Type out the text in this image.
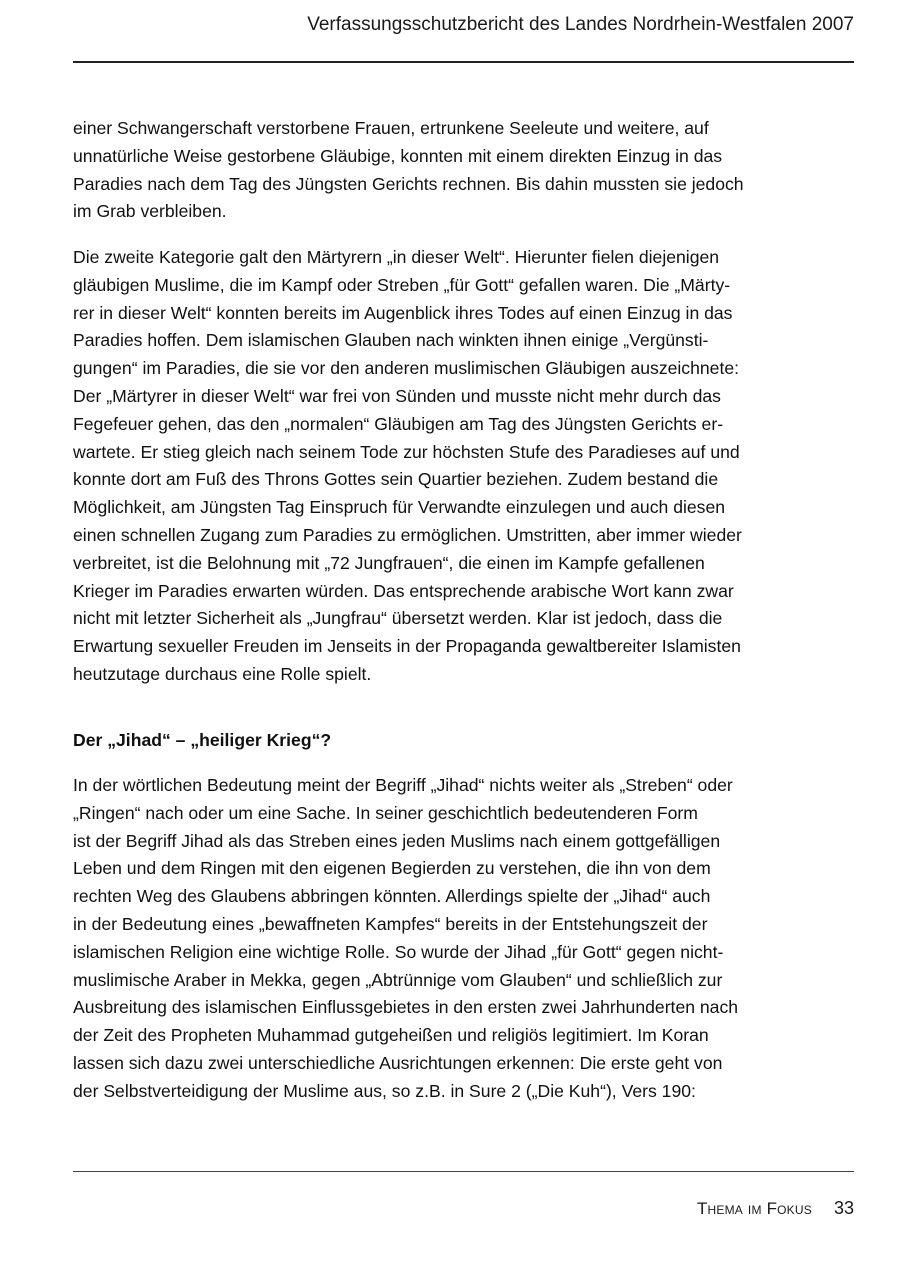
Verfassungsschutzbericht des Landes Nordrhein-Westfalen 2007

einer Schwangerschaft verstorbene Frauen, ertrunkene Seeleute und weitere, auf
unnatürliche Weise gestorbene Gläubige, konnten mit einem direkten Einzug in das
Paradies nach dem Tag des Jüngsten Gerichts rechnen. Bis dahin mussten sie jedoch
im Grab verbleiben.

Die zweite Kategorie galt den Märtyrern „in dieser Welt“. Hierunter fielen diejenigen
gläubigen Muslime, die im Kampf oder Streben „für Gott“ gefallen waren. Die „Märty-
rer in dieser Welt“ konnten bereits im Augenblick ihres Todes auf einen Einzug in das
Paradies hoffen. Dem islamischen Glauben nach winkten ihnen einige „Vergünsti-
gungen“ im Paradies, die sie vor den anderen muslimischen Gläubigen auszeichnete:
Der „Märtyrer in dieser Welt“ war frei von Sünden und musste nicht mehr durch das
Fegefeuer gehen, das den „normalen“ Gläubigen am Tag des Jüngsten Gerichts er-
wartete. Er stieg gleich nach seinem Tode zur höchsten Stufe des Paradieses auf und
konnte dort am Fuß des Throns Gottes sein Quartier beziehen. Zudem bestand die
Möglichkeit, am Jüngsten Tag Einspruch für Verwandte einzulegen und auch diesen
einen schnellen Zugang zum Paradies zu ermöglichen. Umstritten, aber immer wieder
verbreitet, ist die Belohnung mit „72 Jungfrauen“, die einen im Kampfe gefallenen
Krieger im Paradies erwarten würden. Das entsprechende arabische Wort kann zwar
nicht mit letzter Sicherheit als „Jungfrau“ übersetzt werden. Klar ist jedoch, dass die
Erwartung sexueller Freuden im Jenseits in der Propaganda gewaltbereiter Islamisten
heutzutage durchaus eine Rolle spielt.

Der „Jihad“ – „heiliger Krieg“?

In der wörtlichen Bedeutung meint der Begriff „Jihad“ nichts weiter als „Streben“ oder
„Ringen“ nach oder um eine Sache. In seiner geschichtlich bedeutenderen Form
ist der Begriff Jihad als das Streben eines jeden Muslims nach einem gottgefälligen
Leben und dem Ringen mit den eigenen Begierden zu verstehen, die ihn von dem
rechten Weg des Glaubens abbringen könnten. Allerdings spielte der „Jihad“ auch
in der Bedeutung eines „bewaffneten Kampfes“ bereits in der Entstehungszeit der
islamischen Religion eine wichtige Rolle. So wurde der Jihad „für Gott“ gegen nicht-
muslimische Araber in Mekka, gegen „Abtrünnige vom Glauben“ und schließlich zur
Ausbreitung des islamischen Einflussgebietes in den ersten zwei Jahrhunderten nach
der Zeit des Propheten Muhammad gutgeheißen und religiös legitimiert. Im Koran
lassen sich dazu zwei unterschiedliche Ausrichtungen erkennen: Die erste geht von
der Selbstverteidigung der Muslime aus, so z.B. in Sure 2 („Die Kuh“), Vers 190:

Thema im Fokus 33
